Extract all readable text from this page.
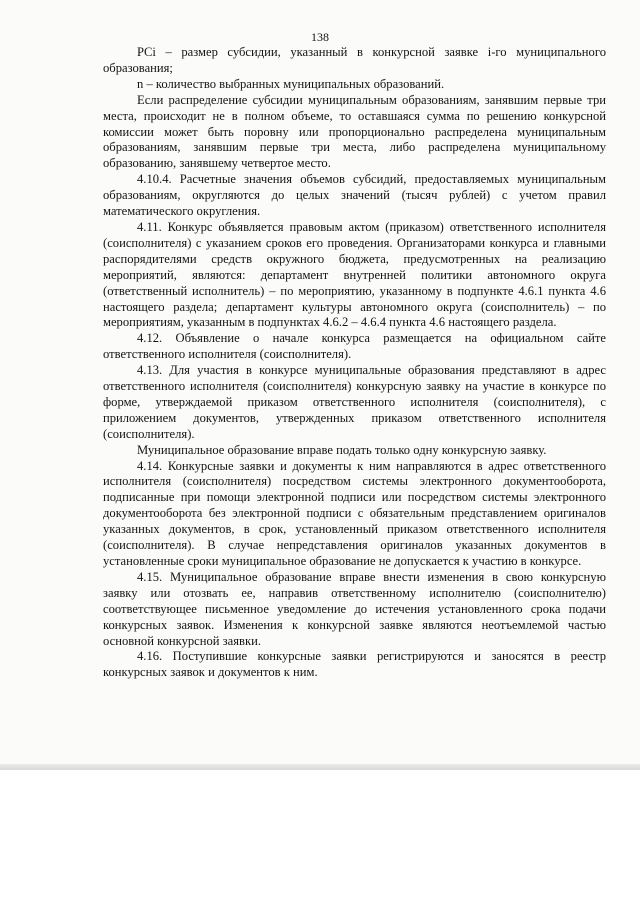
138

PCi – размер субсидии, указанный в конкурсной заявке i-го муниципального образования;

n – количество выбранных муниципальных образований.

Если распределение субсидии муниципальным образованиям, занявшим первые три места, происходит не в полном объеме, то оставшаяся сумма по решению конкурсной комиссии может быть поровну или пропорционально распределена муниципальным образованиям, занявшим первые три места, либо распределена муниципальному образованию, занявшему четвертое место.

4.10.4. Расчетные значения объемов субсидий, предоставляемых муниципальным образованиям, округляются до целых значений (тысяч рублей) с учетом правил математического округления.

4.11. Конкурс объявляется правовым актом (приказом) ответственного исполнителя (соисполнителя) с указанием сроков его проведения. Организаторами конкурса и главными распорядителями средств окружного бюджета, предусмотренных на реализацию мероприятий, являются: департамент внутренней политики автономного округа (ответственный исполнитель) – по мероприятию, указанному в подпункте 4.6.1 пункта 4.6 настоящего раздела; департамент культуры автономного округа (соисполнитель) – по мероприятиям, указанным в подпунктах 4.6.2 – 4.6.4 пункта 4.6 настоящего раздела.

4.12. Объявление о начале конкурса размещается на официальном сайте ответственного исполнителя (соисполнителя).

4.13. Для участия в конкурсе муниципальные образования представляют в адрес ответственного исполнителя (соисполнителя) конкурсную заявку на участие в конкурсе по форме, утверждаемой приказом ответственного исполнителя (соисполнителя), с приложением документов, утвержденных приказом ответственного исполнителя (соисполнителя).

Муниципальное образование вправе подать только одну конкурсную заявку.

4.14. Конкурсные заявки и документы к ним направляются в адрес ответственного исполнителя (соисполнителя) посредством системы электронного документооборота, подписанные при помощи электронной подписи или посредством системы электронного документооборота без электронной подписи с обязательным представлением оригиналов указанных документов, в срок, установленный приказом ответственного исполнителя (соисполнителя). В случае непредставления оригиналов указанных документов в установленные сроки муниципальное образование не допускается к участию в конкурсе.

4.15. Муниципальное образование вправе внести изменения в свою конкурсную заявку или отозвать ее, направив ответственному исполнителю (соисполнителю) соответствующее письменное уведомление до истечения установленного срока подачи конкурсных заявок. Изменения к конкурсной заявке являются неотъемлемой частью основной конкурсной заявки.

4.16. Поступившие конкурсные заявки регистрируются и заносятся в реестр конкурсных заявок и документов к ним.
